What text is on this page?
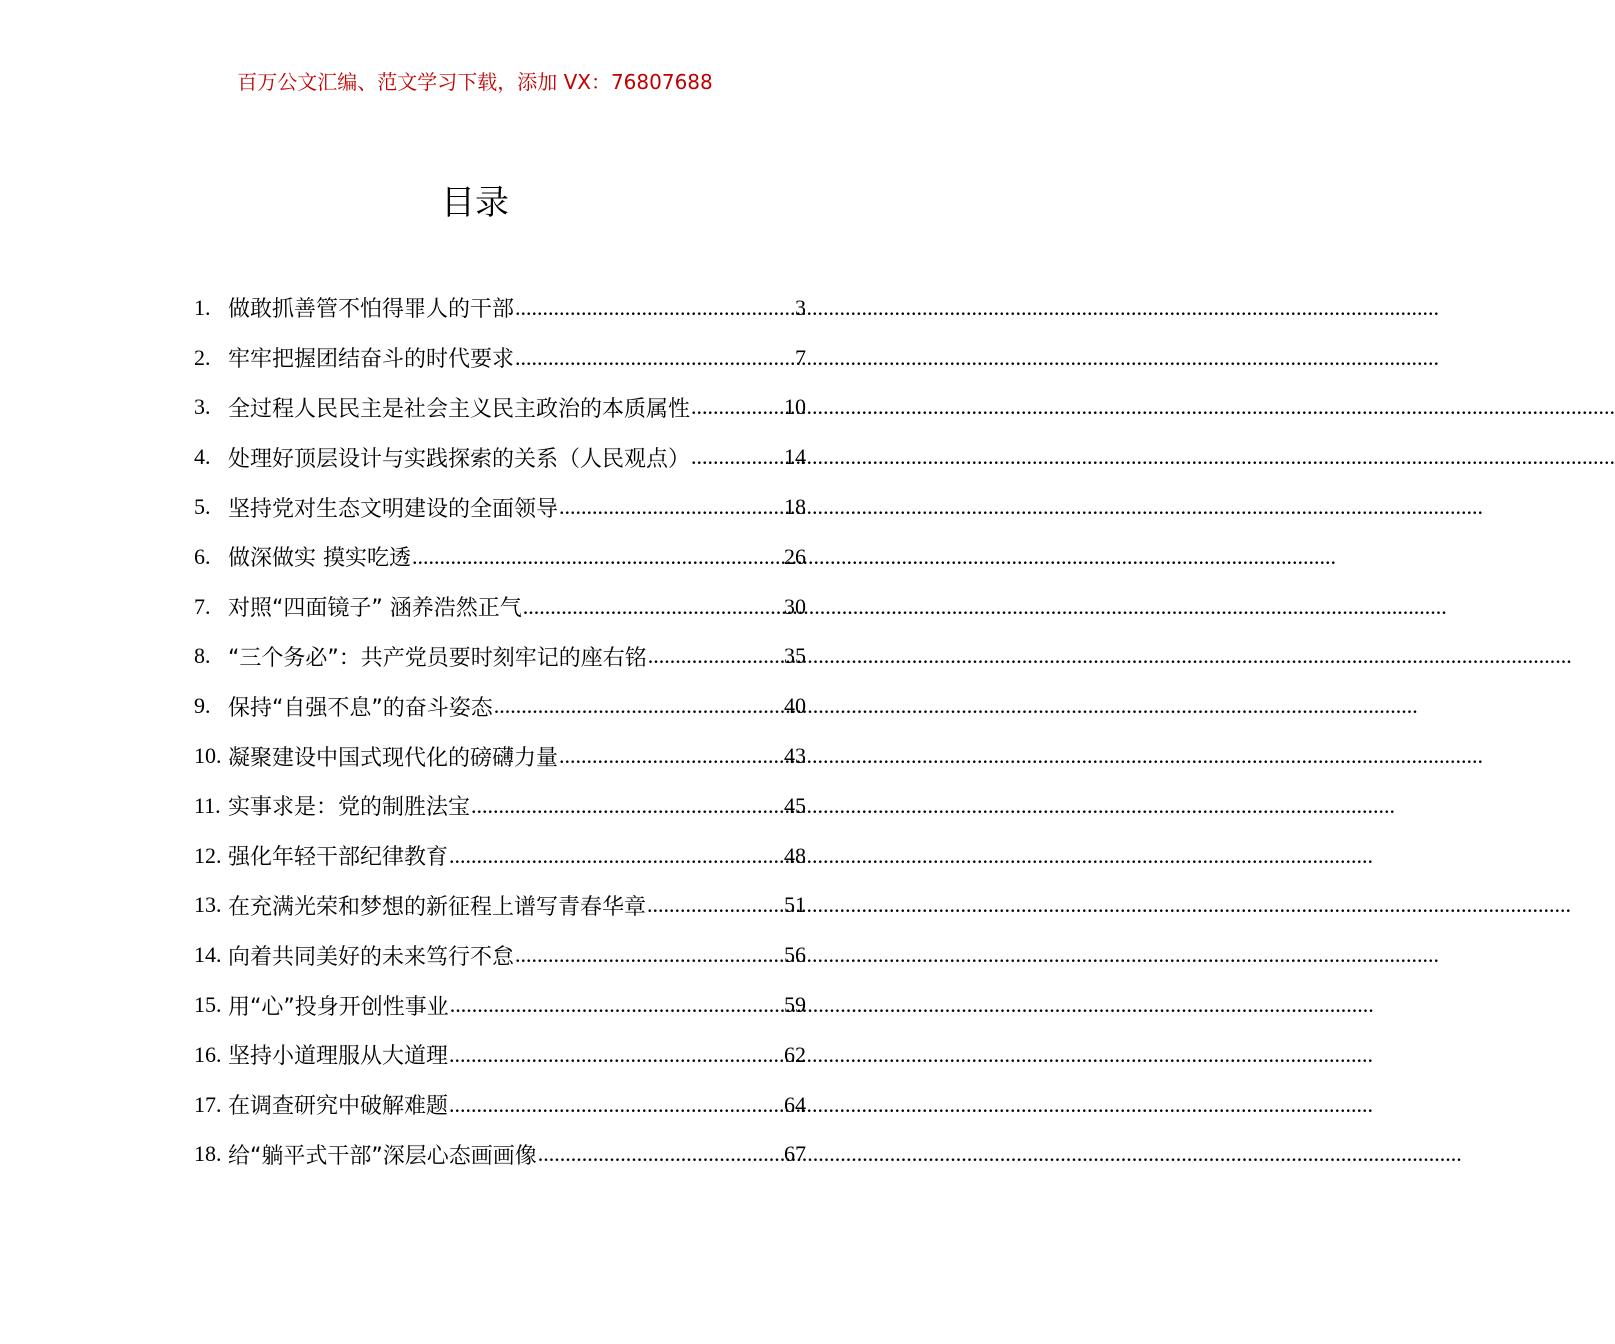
百万公文汇编、范文学习下载，添加 VX：76807688
目录
1. 做敢抓善管不怕得罪人的干部 .....	3
2. 牢牢把握团结奋斗的时代要求 .....	7
3. 全过程人民民主是社会主义民主政治的本质属性 .....	10
4. 处理好顶层设计与实践探索的关系（人民观点） .....	14
5. 坚持党对生态文明建设的全面领导 .....	18
6. 做深做实 摸实吃透 .....	26
7. 对照“四面镜子” 涵养浩然正气 .....	30
8. “三个务必”：共产党员要时刻牢记的座右铭 .....	35
9. 保持“自强不息”的奋斗姿态 .....	40
10. 凝聚建设中国式现代化的磅礴力量 .....	43
11. 实事求是：党的制胜法宝 .....	45
12. 强化年轻干部纪律教育 .....	48
13. 在充满光荣和梦想的新征程上谱写青春华章 .....	51
14. 向着共同美好的未来笃行不怠 .....	56
15. 用“心”投身开创性事业 .....	59
16. 坚持小道理服从大道理 .....	62
17. 在调查研究中破解难题 .....	64
18. 给“躺平式干部”深层心态画画像 .....	67
